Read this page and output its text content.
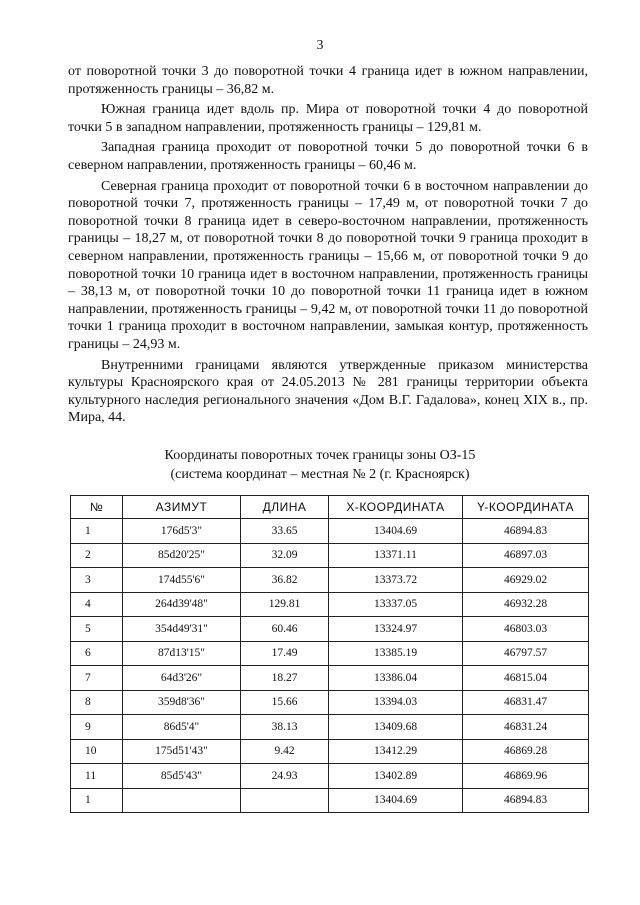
3

от поворотной точки 3 до поворотной точки 4 граница идет в южном направлении, протяженность границы – 36,82 м.

Южная граница идет вдоль пр. Мира от поворотной точки 4 до поворотной точки 5 в западном направлении, протяженность границы – 129,81 м.

Западная граница проходит от поворотной точки 5 до поворотной точки 6 в северном направлении, протяженность границы – 60,46 м.

Северная граница проходит от поворотной точки 6 в восточном направлении до поворотной точки 7, протяженность границы – 17,49 м, от поворотной точки 7 до поворотной точки 8 граница идет в северо-восточном направлении, протяженность границы – 18,27 м, от поворотной точки 8 до поворотной точки 9 граница проходит в северном направлении, протяженность границы – 15,66 м, от поворотной точки 9 до поворотной точки 10 граница идет в восточном направлении, протяженность границы – 38,13 м, от поворотной точки 10 до поворотной точки 11 граница идет в южном направлении, протяженность границы – 9,42 м, от поворотной точки 11 до поворотной точки 1 граница проходит в восточном направлении, замыкая контур, протяженность границы – 24,93 м.

Внутренними границами являются утвержденные приказом министерства культуры Красноярского края от 24.05.2013 № 281 границы территории объекта культурного наследия регионального значения «Дом В.Г. Гадалова», конец XIX в., пр. Мира, 44.

Координаты поворотных точек границы зоны ОЗ-15
(система координат – местная № 2 (г. Красноярск)
№	АЗИМУТ	ДЛИНА	X-КООРДИНАТА	Y-КООРДИНАТА
1	176d5'3"	33.65	13404.69	46894.83
2	85d20'25"	32.09	13371.11	46897.03
3	174d55'6"	36.82	13373.72	46929.02
4	264d39'48"	129.81	13337.05	46932.28
5	354d49'31"	60.46	13324.97	46803.03
6	87d13'15"	17.49	13385.19	46797.57
7	64d3'26"	18.27	13386.04	46815.04
8	359d8'36"	15.66	13394.03	46831.47
9	86d5'4"	38.13	13409.68	46831.24
10	175d51'43"	9.42	13412.29	46869.28
11	85d5'43"	24.93	13402.89	46869.96
1			13404.69	46894.83
